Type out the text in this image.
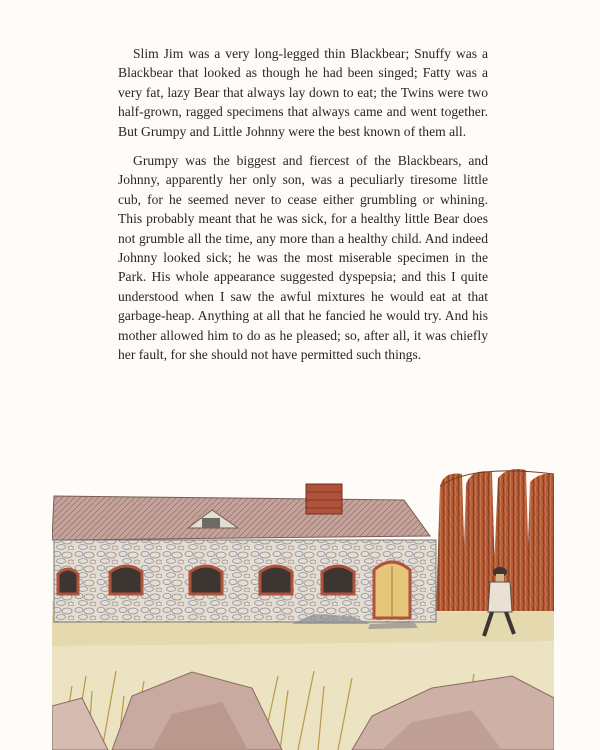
Slim Jim was a very long-legged thin Blackbear; Snuffy was a Blackbear that looked as though he had been singed; Fatty was a very fat, lazy Bear that always lay down to eat; the Twins were two half-grown, ragged specimens that always came and went together. But Grumpy and Little Johnny were the best known of them all.

Grumpy was the biggest and fiercest of the Blackbears, and Johnny, apparently her only son, was a peculiarly tiresome little cub, for he seemed never to cease either grumbling or whining. This probably meant that he was sick, for a healthy little Bear does not grumble all the time, any more than a healthy child. And indeed Johnny looked sick; he was the most miserable specimen in the Park. His whole appearance suggested dyspepsia; and this I quite understood when I saw the awful mixtures he would eat at that garbage-heap. Anything at all that he fancied he would try. And his mother allowed him to do as he pleased; so, after all, it was chiefly her fault, for she should not have permitted such things.
